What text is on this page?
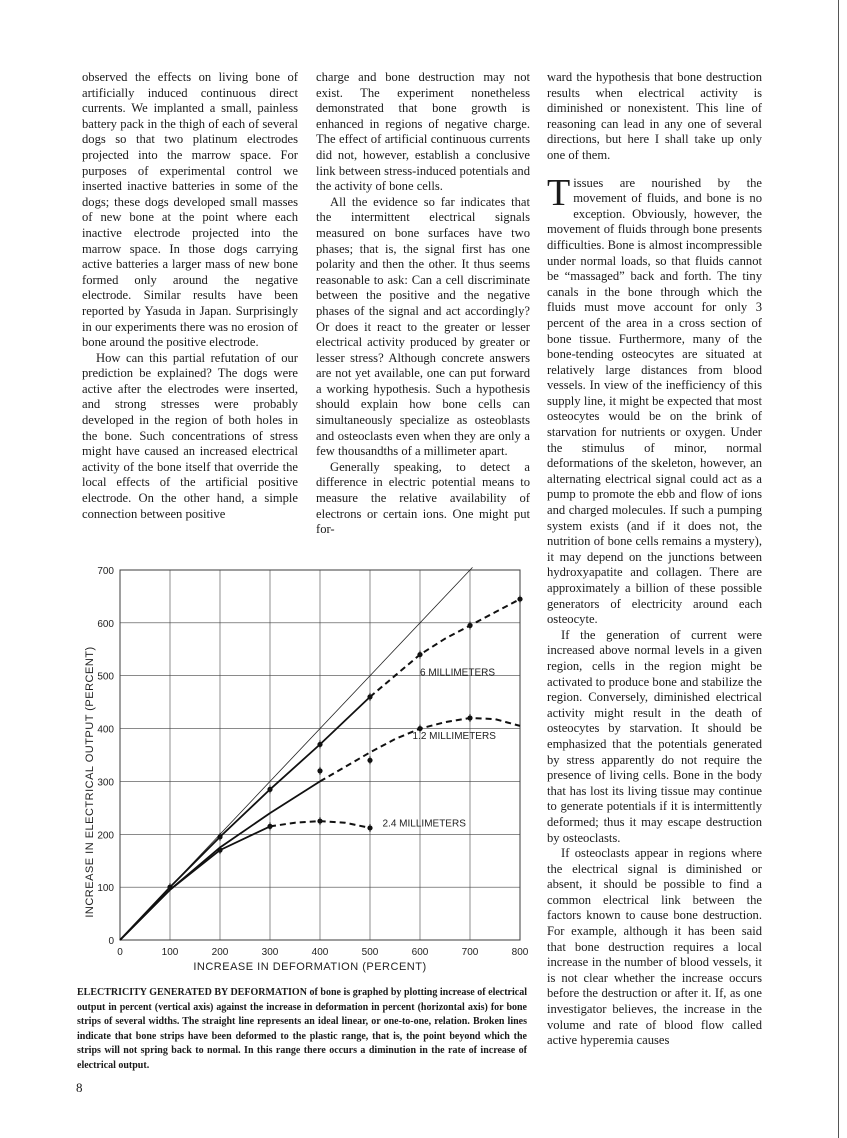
observed the effects on living bone of artificially induced continuous direct currents. We implanted a small, painless battery pack in the thigh of each of several dogs so that two platinum electrodes projected into the marrow space. For purposes of experimental control we inserted inactive batteries in some of the dogs; these dogs developed small masses of new bone at the point where each inactive electrode projected into the marrow space. In those dogs carrying active batteries a larger mass of new bone formed only around the negative electrode. Similar results have been reported by Yasuda in Japan. Surprisingly in our experiments there was no erosion of bone around the positive electrode.

How can this partial refutation of our prediction be explained? The dogs were active after the electrodes were inserted, and strong stresses were probably developed in the region of both holes in the bone. Such concentrations of stress might have caused an increased electrical activity of the bone itself that override the local effects of the artificial positive electrode. On the other hand, a simple connection between positive

charge and bone destruction may not exist. The experiment nonetheless demonstrated that bone growth is enhanced in regions of negative charge. The effect of artificial continuous currents did not, however, establish a conclusive link between stress-induced potentials and the activity of bone cells.

All the evidence so far indicates that the intermittent electrical signals measured on bone surfaces have two phases; that is, the signal first has one polarity and then the other. It thus seems reasonable to ask: Can a cell discriminate between the positive and the negative phases of the signal and act accordingly? Or does it react to the greater or lesser electrical activity produced by greater or lesser stress? Although concrete answers are not yet available, one can put forward a working hypothesis. Such a hypothesis should explain how bone cells can simultaneously specialize as osteoblasts and osteoclasts even when they are only a few thousandths of a millimeter apart.

Generally speaking, to detect a difference in electric potential means to measure the relative availability of electrons or certain ions. One might put for-

ward the hypothesis that bone destruction results when electrical activity is diminished or nonexistent. This line of reasoning can lead in any one of several directions, but here I shall take up only one of them.

Tissues are nourished by the movement of fluids, and bone is no exception. Obviously, however, the movement of fluids through bone presents difficulties. Bone is almost incompressible under normal loads, so that fluids cannot be “massaged” back and forth. The tiny canals in the bone through which the fluids must move account for only 3 percent of the area in a cross section of bone tissue. Furthermore, many of the bone-tending osteocytes are situated at relatively large distances from blood vessels. In view of the inefficiency of this supply line, it might be expected that most osteocytes would be on the brink of starvation for nutrients or oxygen. Under the stimulus of minor, normal deformations of the skeleton, however, an alternating electrical signal could act as a pump to promote the ebb and flow of ions and charged molecules. If such a pumping system exists (and if it does not, the nutrition of bone cells remains a mystery), it may depend on the junctions between hydroxyapatite and collagen. There are approximately a billion of these possible generators of electricity around each osteocyte.

If the generation of current were increased above normal levels in a given region, cells in the region might be activated to produce bone and stabilize the region. Conversely, diminished electrical activity might result in the death of osteocytes by starvation. It should be emphasized that the potentials generated by stress apparently do not require the presence of living cells. Bone in the body that has lost its living tissue may continue to generate potentials if it is intermittently deformed; thus it may escape destruction by osteoclasts.

If osteoclasts appear in regions where the electrical signal is diminished or absent, it should be possible to find a common electrical link between the factors known to cause bone destruction. For example, although it has been said that bone destruction requires a local increase in the number of blood vessels, it is not clear whether the increase occurs before the destruction or after it. If, as one investigator believes, the increase in the volume and rate of blood flow called active hyperemia causes

0	100	200	300	400	500	600	700	800
0
100
200
300
400
500
600
700
6 MILLIMETERS
1.2 MILLIMETERS
2.4 MILLIMETERS
INCREASE IN DEFORMATION (PERCENT)
INCREASE IN ELECTRICAL OUTPUT (PERCENT)
ELECTRICITY GENERATED BY DEFORMATION of bone is graphed by plotting increase of electrical output in percent (vertical axis) against the increase in deformation in percent (horizontal axis) for bone strips of several widths. The straight line represents an ideal linear, or one-to-one, relation. Broken lines indicate that bone strips have been deformed to the plastic range, that is, the point beyond which the strips will not spring back to normal. In this range there occurs a diminution in the rate of increase of electrical output.
8
